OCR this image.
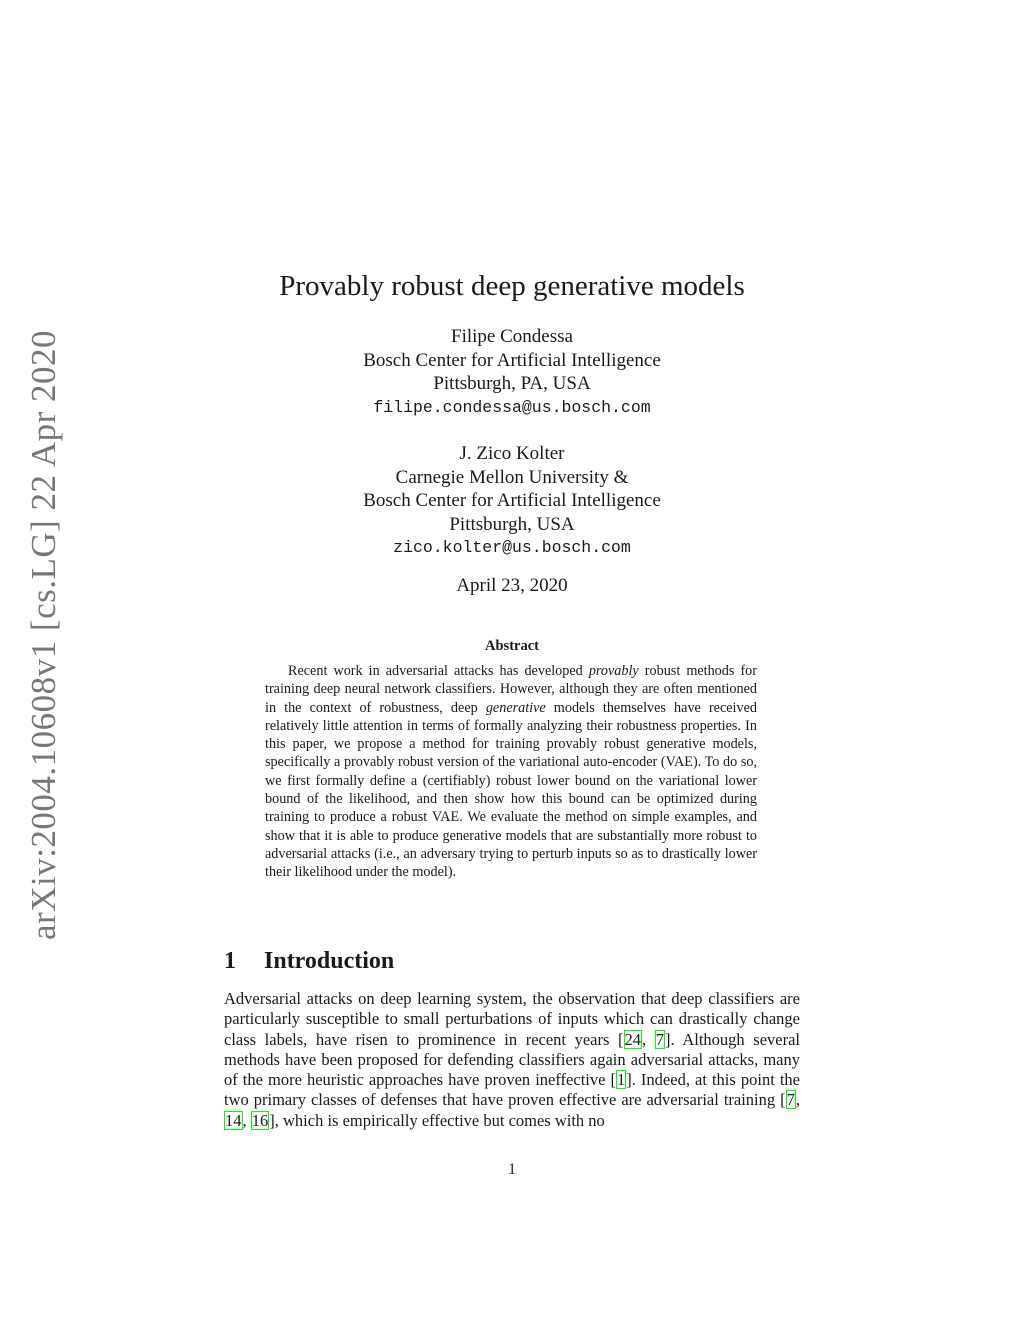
arXiv:2004.10608v1 [cs.LG] 22 Apr 2020
Provably robust deep generative models
Filipe Condessa
Bosch Center for Artificial Intelligence
Pittsburgh, PA, USA
filipe.condessa@us.bosch.com
J. Zico Kolter
Carnegie Mellon University &
Bosch Center for Artificial Intelligence
Pittsburgh, USA
zico.kolter@us.bosch.com
April 23, 2020
Abstract
Recent work in adversarial attacks has developed provably robust methods for training deep neural network classifiers. However, although they are often mentioned in the context of robustness, deep generative models themselves have received relatively little attention in terms of formally analyzing their robustness properties. In this paper, we propose a method for training provably robust generative models, specifically a provably robust version of the variational auto-encoder (VAE). To do so, we first formally define a (certifiably) robust lower bound on the variational lower bound of the likelihood, and then show how this bound can be optimized during training to produce a robust VAE. We evaluate the method on simple examples, and show that it is able to produce generative models that are substantially more robust to adversarial attacks (i.e., an adversary trying to perturb inputs so as to drastically lower their likelihood under the model).
1 Introduction
Adversarial attacks on deep learning system, the observation that deep classifiers are particularly susceptible to small perturbations of inputs which can drastically change class labels, have risen to prominence in recent years [24, 7]. Although several methods have been proposed for defending classifiers again adversarial attacks, many of the more heuristic approaches have proven ineffective [1]. Indeed, at this point the two primary classes of defenses that have proven effective are adversarial training [7, 14, 16], which is empirically effective but comes with no
1
